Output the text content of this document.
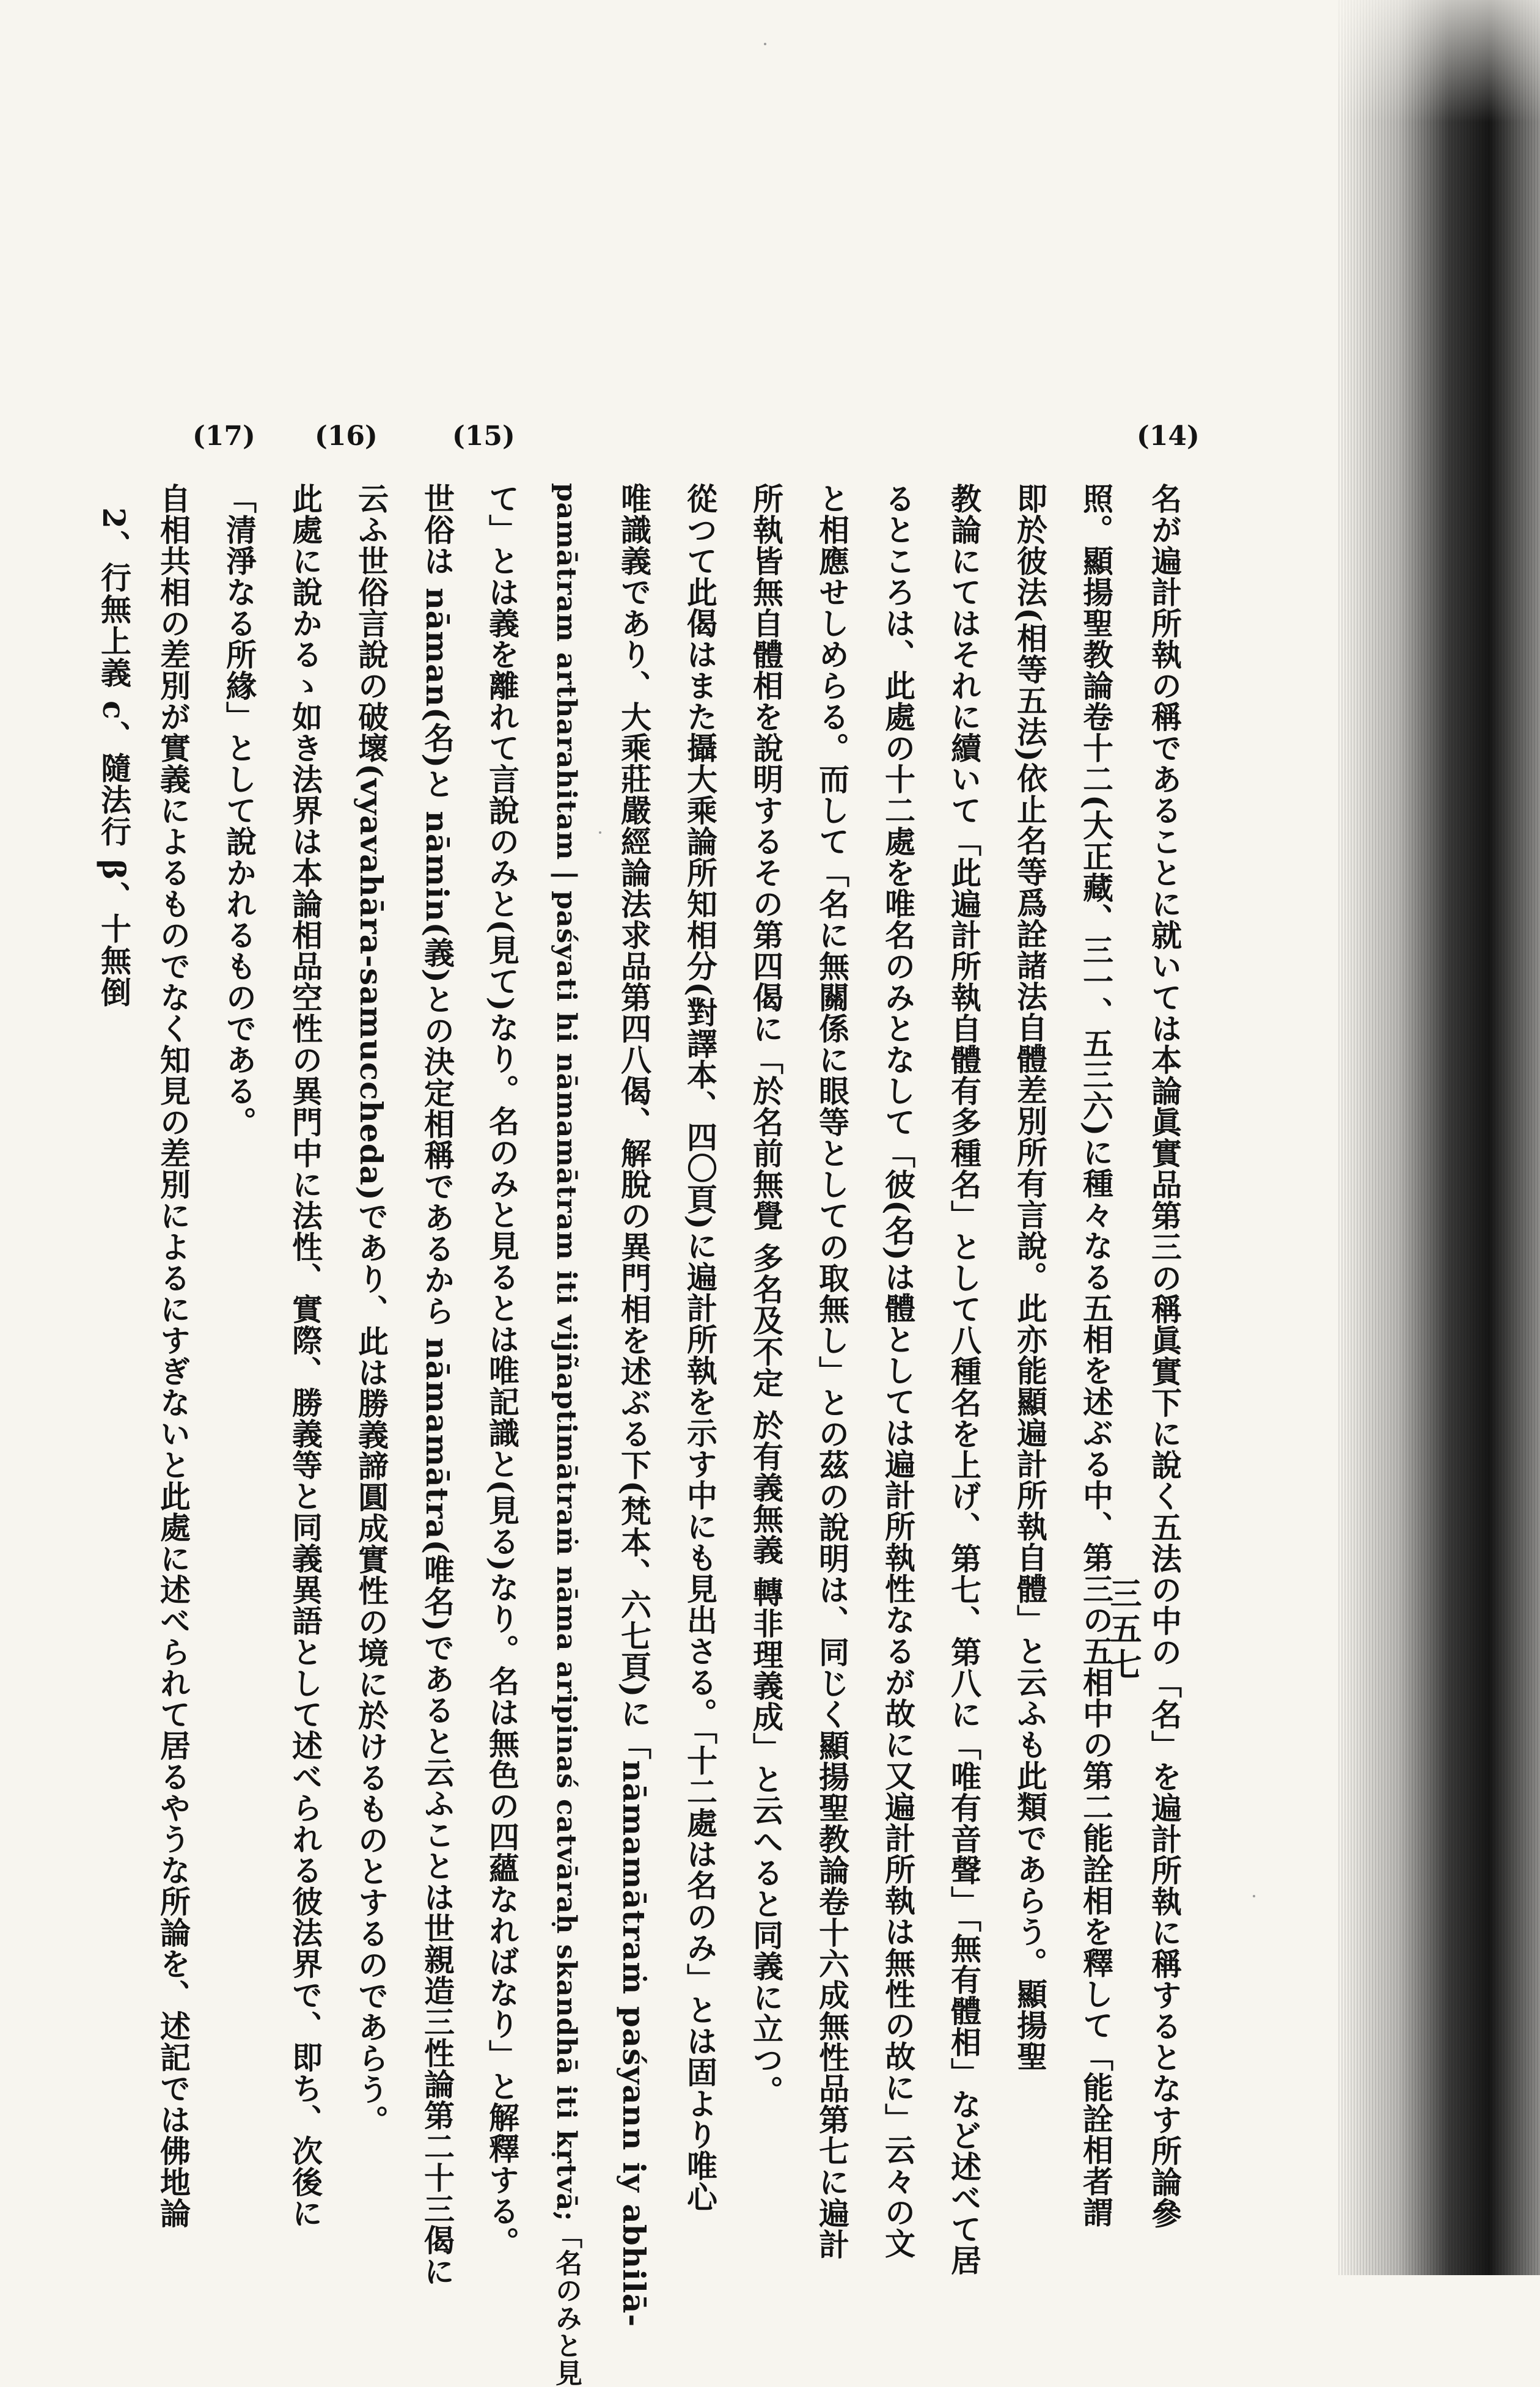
(14)
(15)
(16)
(17)
名が遍計所執の稱であることに就いては本論眞實品第三の稱眞實下に說く五法の中の「名」を遍計所執に稱するとなす所論參
照。顯揚聖教論卷十二(大正藏、三一、五三六)に種々なる五相を述ぶる中、第三の五相中の第二能詮相を釋して「能詮相者謂
即於彼法(相等五法)依止名等爲詮諸法自體差別所有言說。此亦能顯遍計所執自體」と云ふも此類であらう。顯揚聖
教論にてはそれに續いて「此遍計所執自體有多種名」として八種名を上げ、第七、第八に「唯有音聲」「無有體相」など述べて居
るところは、此處の十二處を唯名のみとなして「彼(名)は體としては遍計所執性なるが故に又遍計所執は無性の故に」云々の文
と相應せしめらる。而して「名に無關係に眼等としての取無し」との茲の說明は、同じく顯揚聖教論卷十六成無性品第七に遍計
所執皆無自體相を說明するその第四偈に「於名前無覺 多名及不定 於有義無義 轉非理義成」と云へると同義に立つ。
從つて此偈はまた攝大乘論所知相分(對譯本、四〇頁)に遍計所執を示す中にも見出さる。「十二處は名のみ」とは固より唯心
唯識義であり、大乘莊嚴經論法求品第四八偈、解脫の異門相を述ぶる下(梵本、六七頁)に「nāmamātraṁ paśyann iy abhilā-
pamātram artharahitam | paśyati hi nāmamātram iti vijñaptimātraṁ nāma aripinaś catvāraḥ skandhā iti kṛtvā;「名のみと見
て」とは義を離れて言說のみと(見て)なり。名のみと見るとは唯記識と(見る)なり。名は無色の四蘊なればなり」と解釋する。
世俗は nāman(名)と nāmin(義)との決定相稱であるから nāmamātra(唯名)であると云ふことは世親造三性論第二十三偈に
云ふ世俗言說の破壞(vyavahāra-samuccheda)であり、此は勝義諦圓成實性の境に於けるものとするのであらう。
此處に說かるゝ如き法界は本論相品空性の異門中に法性、實際、勝義等と同義異語として述べられる彼法界で、即ち、次後に
「清淨なる所緣」として說かれるものである。
自相共相の差別が實義によるものでなく知見の差別によるにすぎないと此處に述べられて居るやうな所論を、述記では佛地論
2、行無上義 c、隨法行 β、十無倒
三五七
